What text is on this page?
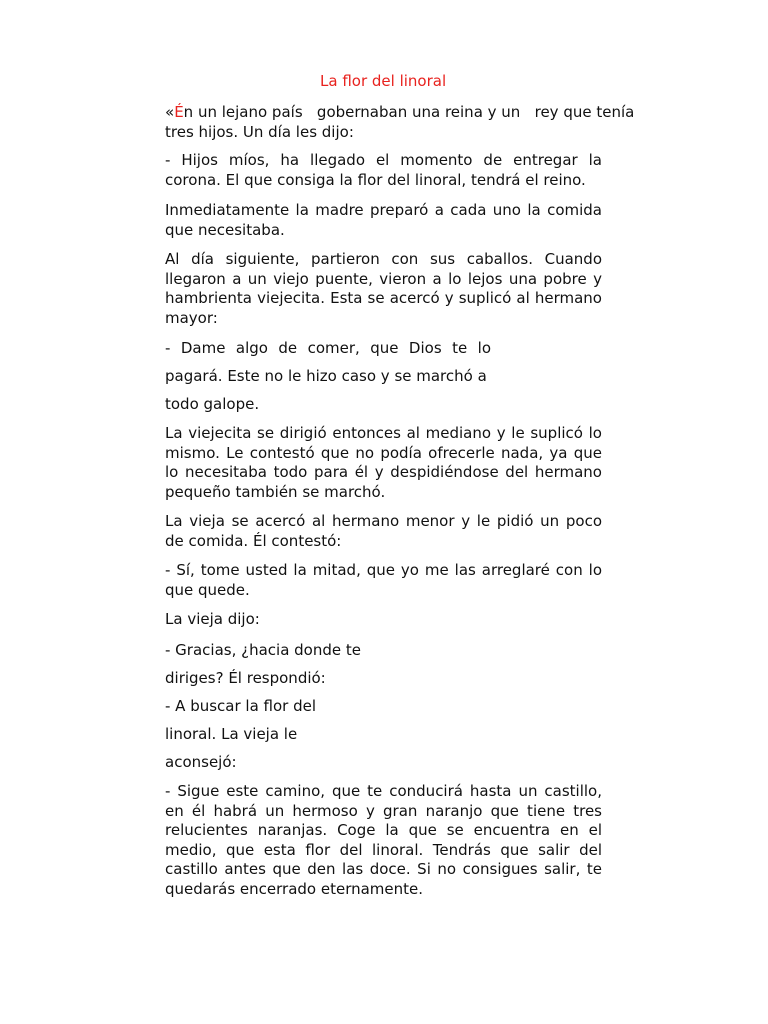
La flor del linoral

«Én un lejano país   gobernaban una reina y un   rey que tenía
tres hijos. Un día les dijo:

- Hijos míos, ha llegado el momento de entregar la corona. El que consiga la flor del linoral, tendrá el reino.

Inmediatamente la madre preparó a cada uno la comida que necesitaba.

Al día siguiente, partieron con sus caballos. Cuando llegaron a un viejo puente, vieron a lo lejos una pobre y hambrienta viejecita. Esta se acercó y suplicó al hermano mayor:

- Dame algo de comer, que Dios te lo

pagará. Este no le hizo caso y se marchó a

todo galope.

La viejecita se dirigió entonces al mediano y le suplicó lo mismo. Le contestó que no podía ofrecerle nada, ya que lo necesitaba todo para él y despidiéndose del hermano pequeño también se marchó.

La vieja se acercó al hermano menor y le pidió un poco de comida. Él contestó:

- Sí, tome usted la mitad, que yo me las arreglaré con lo que quede.

La vieja dijo:

- Gracias, ¿hacia donde te

diriges? Él respondió:

- A buscar la flor del

linoral. La vieja le

aconsejó:

- Sigue este camino, que te conducirá hasta un castillo, en él habrá un hermoso y gran naranjo que tiene tres relucientes naranjas. Coge la que se encuentra en el medio, que esta flor del linoral. Tendrás que salir del castillo antes que den las doce. Si no consigues salir, te quedarás encerrado eternamente.
